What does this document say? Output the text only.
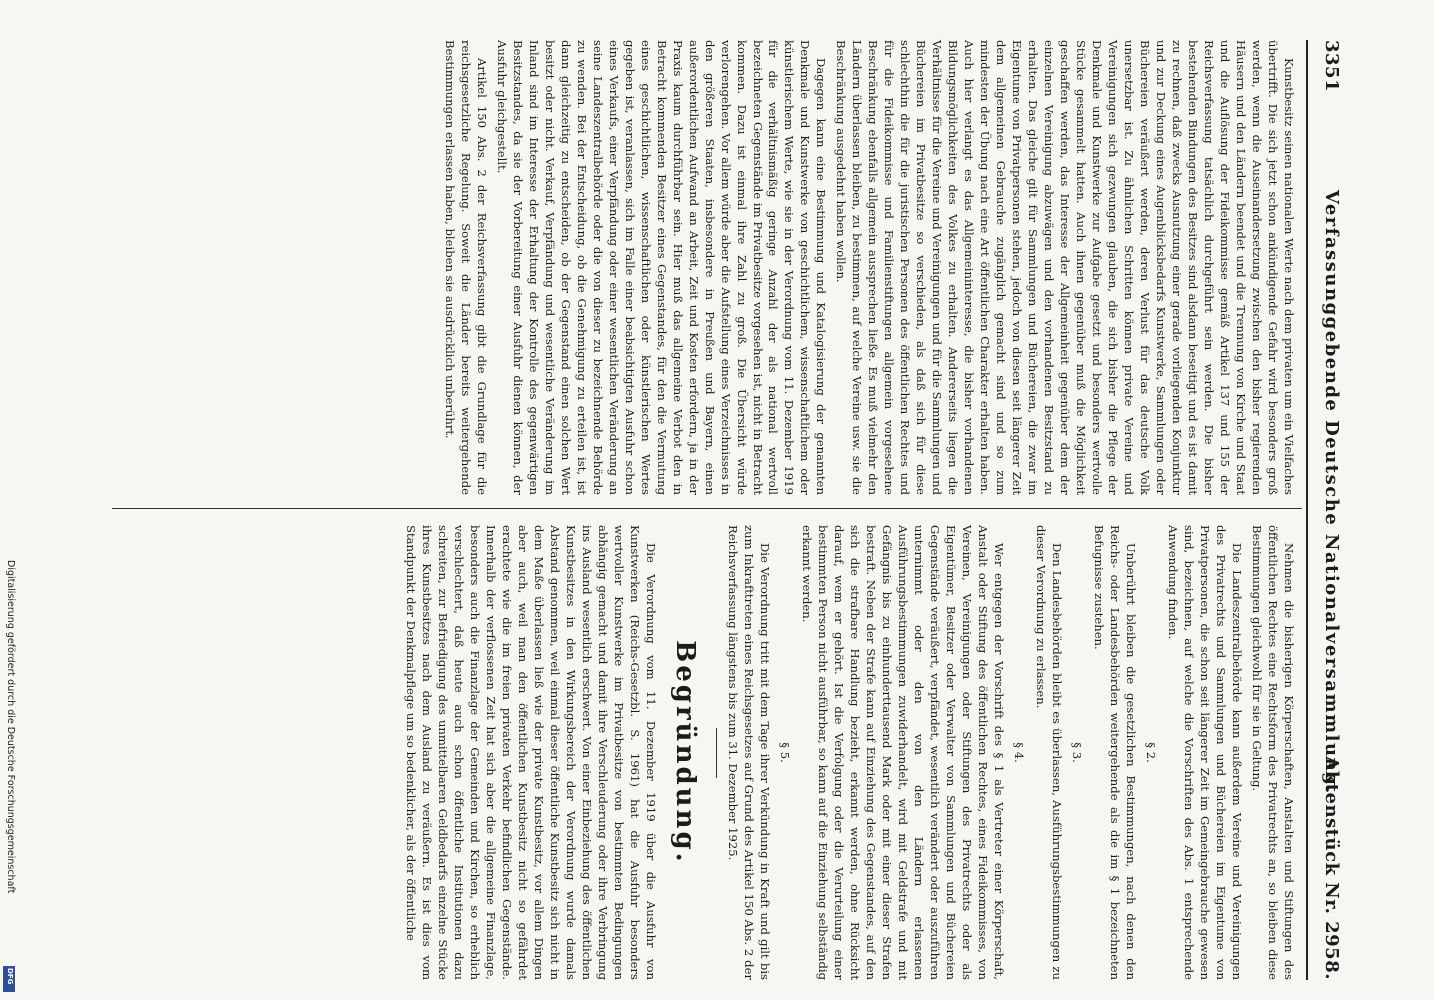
3351
Verfassunggebende Deutsche Nationalversammlung.
Aktenstück Nr. 2958.

Kunstbesitz seinen nationalen Werte nach dem privaten um ein Vielfaches übertrifft. Die sich jetzt schon ankündigende Gefahr wird besonders groß werden, wenn die Auseinandersetzung zwischen den bisher regierenden Häusern und den Ländern beendet und die Trennung von Kirche und Staat und die Auflösung der Fideikommisse gemäß Artikel 137 und 155 der Reichsverfassung tatsächlich durchgeführt sein werden. Die bisher bestehenden Bindungen des Besitzes sind alsdann beseitigt und es ist damit zu rechnen, daß zwecks Ausnutzung einer gerade vorliegenden Konjunktur und zur Deckung eines Augenblicksbedarfs Kunstwerke, Sammlungen oder Büchereien veräußert werden, deren Verlust für das deutsche Volk unersetzbar ist. Zu ähnlichen Schritten können private Vereine und Vereinigungen sich gezwungen glauben, die sich bisher die Pflege der Denkmale und Kunstwerke zur Aufgabe gesetzt und besonders wertvolle Stücke gesammelt hatten. Auch ihnen gegenüber muß die Möglichkeit geschaffen werden, das Interesse der Allgemeinheit gegenüber dem der einzelnen Vereinigung abzuwägen und den vorhandenen Besitzstand zu erhalten. Das gleiche gilt für Sammlungen und Büchereien, die zwar im Eigentume von Privatpersonen stehen, jedoch von diesen seit längerer Zeit dem allgemeinen Gebrauche zugänglich gemacht sind und so zum mindesten der Übung nach eine Art öffentlichen Charakter erhalten haben. Auch hier verlangt es das Allgemeininteresse, die bisher vorhandenen Bildungsmöglichkeiten des Volkes zu erhalten. Andererseits liegen die Verhältnisse für die Vereine und Vereinigungen und für die Sammlungen und Büchereien im Privatbesitze so verschieden, als daß sich für diese schlechthin die für die juristischen Personen des öffentlichen Rechtes und für die Fideikommisse und Familienstiftungen allgemein vorgesehene Beschränkung ebenfalls allgemein aussprechen ließe. Es muß vielmehr den Ländern überlassen bleiben, zu bestimmen, auf welche Vereine usw. sie die Beschränkung ausgedehnt haben wollen.

Dagegen kann eine Bestimmung und Katalogisierung der genannten Denkmale und Kunstwerke von geschichtlichem, wissenschaftlichem oder künstlerischem Werte, wie sie in der Verordnung vom 11. Dezember 1919 für die verhältnismäßig geringe Anzahl der als national wertvoll bezeichneten Gegenstände im Privatbesitze vorgesehen ist, nicht in Betracht kommen. Dazu ist einmal ihre Zahl zu groß. Die Übersicht würde verlorengehen. Vor allem würde aber die Aufstellung eines Verzeichnisses in den größeren Staaten, insbesondere in Preußen und Bayern, einen außerordentlichen Aufwand an Arbeit, Zeit und Kosten erfordern, ja in der Praxis kaum durchführbar sein. Hier muß das allgemeine Verbot den in Betracht kommenden Besitzer eines Gegenstandes, für den die Vermutung eines geschichtlichen, wissenschaftlichen oder künstlerischen Wertes gegeben ist, veranlassen, sich im Falle einer beabsichtigten Ausfuhr schon eines Verkaufs, einer Verpfändung oder einer wesentlichen Veränderung an seine Landeszentralbehörde oder die von dieser zu bezeichnende Behörde zu wenden. Bei der Entscheidung, ob die Genehmigung zu erteilen ist, ist dann gleichzeitig zu entscheiden, ob der Gegenstand einen solchen Wert besitzt oder nicht. Verkauf, Verpfändung und wesentliche Veränderung im Inland sind im Interesse der Erhaltung der Kontrolle des gegenwärtigen Besitzstandes, da sie der Vorbereitung einer Ausfuhr dienen können, der Ausfuhr gleichgestellt.

Artikel 150 Abs. 2 der Reichsverfassung gibt die Grundlage für die reichsgesetzliche Regelung. Soweit die Länder bereits weitergehende Bestimmungen erlassen haben, bleiben sie ausdrücklich unberührt.

Nehmen die bisherigen Körperschaften, Anstalten und Stiftungen des öffentlichen Rechtes eine Rechtsform des Privatrechts an, so bleiben diese Bestimmungen gleichwohl für sie in Geltung.

Die Landeszentralbehörde kann außerdem Vereine und Vereinigungen des Privatrechts und Sammlungen und Büchereien im Eigentume von Privatpersonen, die schon seit längerer Zeit im Gemeingebrauche gewesen sind, bezeichnen, auf welche die Vorschriften des Abs. 1 entsprechende Anwendung finden.

§ 2.

Unberührt bleiben die gesetzlichen Bestimmungen, nach denen den Reichs- oder Landesbehörden weitergehende als die im § 1 bezeichneten Befugnisse zustehen.

§ 3.

Den Landesbehörden bleibt es überlassen, Ausführungsbestimmungen zu dieser Verordnung zu erlassen.

§ 4.

Wer entgegen der Vorschrift des § 1 als Vertreter einer Körperschaft, Anstalt oder Stiftung des öffentlichen Rechtes, eines Fideikommisses, von Vereinen, Vereinigungen oder Stiftungen des Privatrechts oder als Eigentümer, Besitzer oder Verwalter von Sammlungen und Büchereien Gegenstände veräußert, verpfändet, wesentlich verändert oder auszuführen unternimmt oder den von den Ländern erlassenen Ausführungsbestimmungen zuwiderhandelt, wird mit Geldstrafe und mit Gefängnis bis zu einhunderttausend Mark oder mit einer dieser Strafen bestraft. Neben der Strafe kann auf Einziehung des Gegenstandes, auf den sich die strafbare Handlung bezieht, erkannt werden, ohne Rücksicht darauf, wem er gehört. Ist die Verfolgung oder die Verurteilung einer bestimmten Person nicht ausführbar, so kann auf die Einziehung selbständig erkannt werden.

§ 5.

Die Verordnung tritt mit dem Tage ihrer Verkündung in Kraft und gilt bis zum Inkrafttreten eines Reichsgesetzes auf Grund des Artikel 150 Abs. 2 der Reichsverfassung längstens bis zum 31. Dezember 1925.

Begründung.

Die Verordnung vom 11. Dezember 1919 über die Ausfuhr von Kunstwerken (Reichs-Gesetzbl. S. 1961) hat die Ausfuhr besonders wertvoller Kunstwerke im Privatbesitze von bestimmten Bedingungen abhängig gemacht und damit ihre Verschleuderung oder ihre Verbringung ins Ausland wesentlich erschwert. Von einer Einbeziehung des öffentlichen Kunstbesitzes in den Wirkungsbereich der Verordnung wurde damals Abstand genommen, weil einmal dieser öffentliche Kunstbesitz sich nicht in dem Maße überlassen ließ wie der private Kunstbesitz, vor allem Dingen aber auch, weil man den öffentlichen Kunstbesitz nicht so gefährdet erachtete wie die im freien privaten Verkehr befindlichen Gegenstände. Innerhalb der verflossenen Zeit hat sich aber die allgemeine Finanzlage, besonders auch die Finanzlage der Gemeinden und Kirchen, so erheblich verschlechtert, daß heute auch schon öffentliche Institutionen dazu schreiten, zur Befriedigung des unmittelbaren Geldbedarfs einzelne Stücke ihres Kunstbesitzes nach dem Ausland zu veräußern. Es ist dies vom Standpunkt der Denkmalpflege um so bedenklicher, als der öffentliche

Digitalisierung gefördert durch die Deutsche Forschungsgemeinschaft
DFG
